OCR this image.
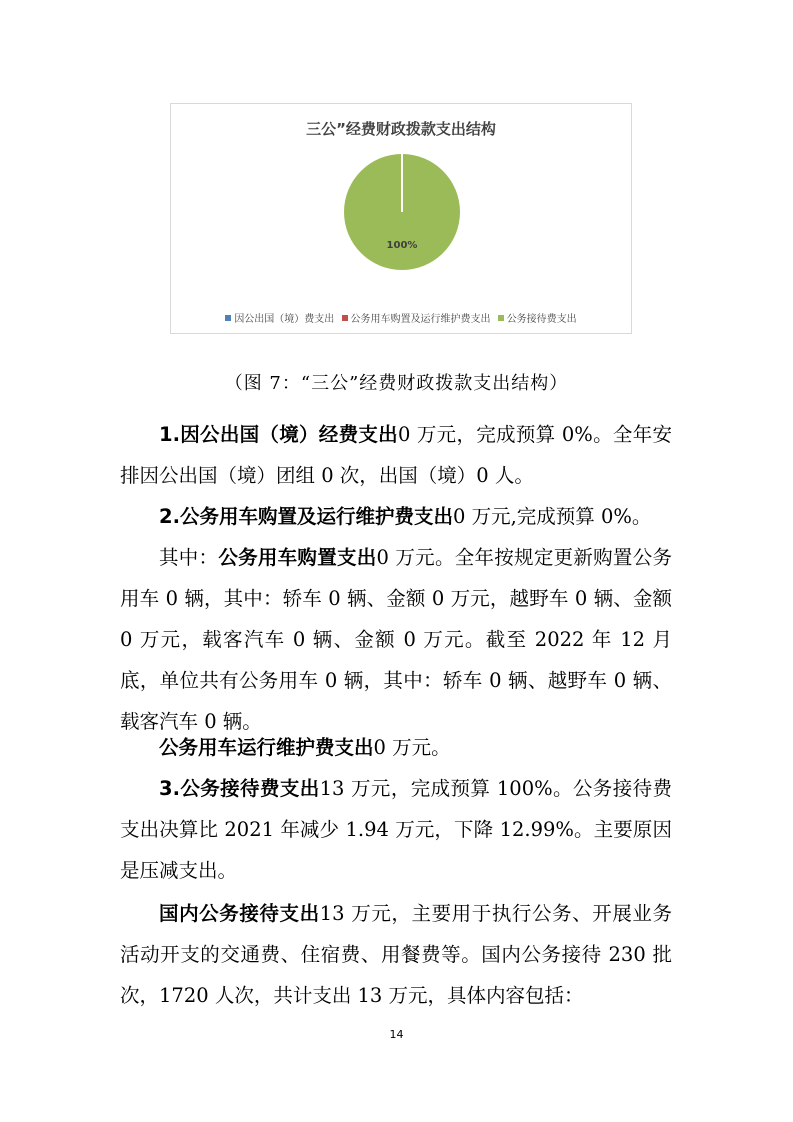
三公”经费财政拨款支出结构
100%
因公出国（境）费支出 公务用车购置及运行维护费支出 公务接待费支出
（图 7：“三公”经费财政拨款支出结构）

1.因公出国（境）经费支出0 万元，完成预算 0%。全年安排因公出国（境）团组 0 次，出国（境）0 人。

2.公务用车购置及运行维护费支出0 万元,完成预算 0%。

其中：公务用车购置支出0 万元。全年按规定更新购置公务用车 0 辆，其中：轿车 0 辆、金额 0 万元，越野车 0 辆、金额 0 万元，载客汽车 0 辆、金额 0 万元。截至 2022 年 12 月底，单位共有公务用车 0 辆，其中：轿车 0 辆、越野车 0 辆、载客汽车 0 辆。

公务用车运行维护费支出0 万元。

3.公务接待费支出13 万元，完成预算 100%。公务接待费支出决算比 2021 年减少 1.94 万元，下降 12.99%。主要原因是压减支出。

国内公务接待支出13 万元，主要用于执行公务、开展业务活动开支的交通费、住宿费、用餐费等。国内公务接待 230 批次，1720 人次，共计支出 13 万元，具体内容包括：

14
